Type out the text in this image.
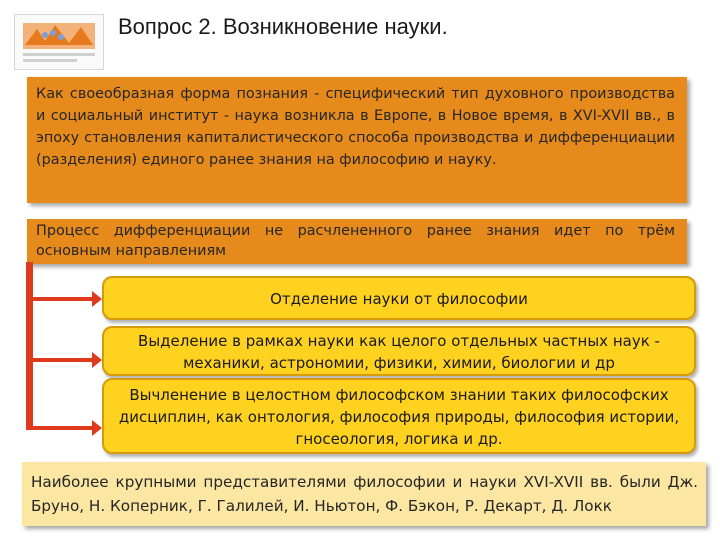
Вопрос 2. Возникновение науки.
Как своеобразная форма познания - специфический тип духовного производства и социальный институт - наука возникла в Европе, в Новое время, в XVI-XVII вв., в эпоху становления капиталистического способа производства и дифференциации (разделения) единого ранее знания на философию и науку.
Процесс дифференциации не расчлененного ранее знания идет по трём основным направлениям
Отделение науки от философии
Выделение в рамках науки как целого отдельных частных наук - механики, астрономии, физики, химии, биологии и др
Вычленение в целостном философском знании таких философских дисциплин, как онтология, философия природы, философия истории, гносеология, логика и др.
Наиболее крупными представителями философии и науки XVI-XVII вв. были Дж. Бруно, Н. Коперник, Г. Галилей, И. Ньютон, Ф. Бэкон, Р. Декарт, Д. Локк
